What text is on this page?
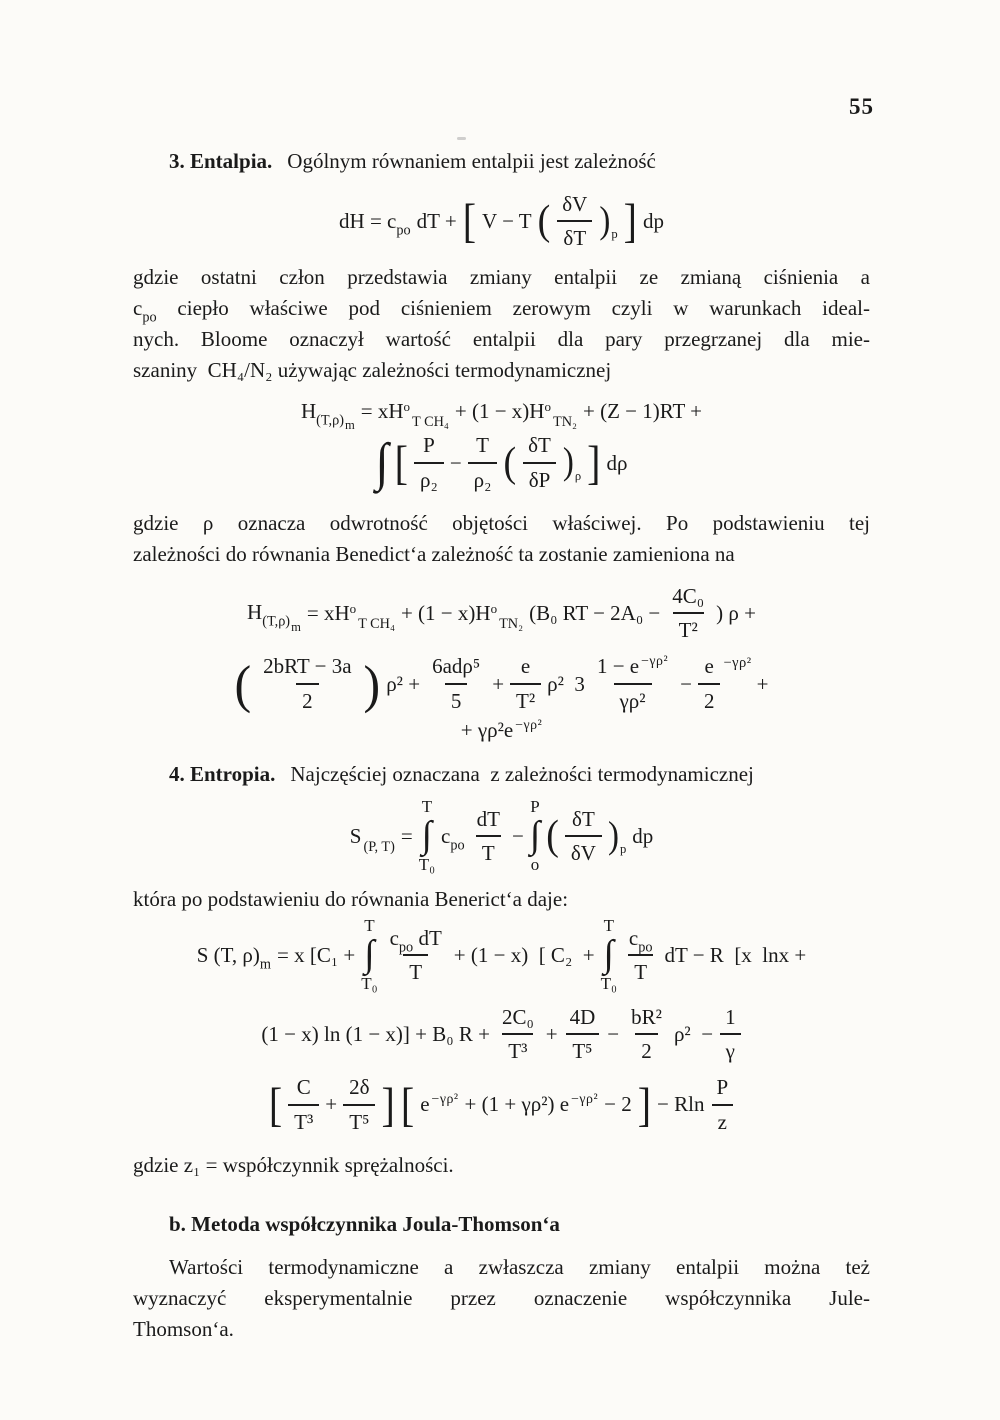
55

3. Entalpia. Ogólnym równaniem entalpii jest zależność

dH = $c_{po}$ dT + [ V − T ( $\frac{\delta V}{\delta T} )_p$ ] dp
gdzie ostatni człon przedstawia zmiany entalpii ze zmianą ciśnienia a
$c_{po}$ ciepło właściwe pod ciśnieniem zerowym czyli w warunkach ideal-
nych. Bloome oznaczył wartość entalpii dla pary przegrzanej dla mie-
szaniny  CH₄/N₂ używając zależności termodynamicznej
$H_{(T,\rho)m}$
= $xH^o_{T CH_4} + (1 - x)H^o_{TN_2} + (Z - 1)RT$ +
∫ [ $\frac{P}{\text{ρ₂}} - \frac{T}{\text{ρ₂}}$ ( $\frac{\delta T}{\delta P} )_\rho$ ] dρ
gdzie ρ oznacza odwrotność objętości właściwej. Po podstawieniu tej
zależności do równania Benedict‘a zależność ta zostanie zamieniona na
$H_{(T,\rho)m}$
= $xH^o_{T CH_4} + (1 - x)H^o_{TN_2}$ (B₀ RT − $2A_0 - \frac{\text{4C₀}}{\text{T²}}$ ) ρ +
( $\frac{\text{2bRT − 3a}}{2}$ ) $\rho^2 + \frac{\text{6adρ⁵}}{5} + \frac{e}{\text{T²}} \rho^2$  $3 \frac{1 - e ^{-\gamma\rho^2}}{\text{γρ²}} - \frac{e}{2} -\gamma\rho^2$
+
+ γρ²e $^{-\gamma\rho^2}$

4. Entropia. Najczęściej oznaczana  z zależności termodynamicznej

S $_{(P, T)}$ =
T
∫
T₀
$c_{po} \frac{dT}{T}$ −
P
∫
o
( $\frac{\delta T}{\delta V} )_p$
dp
która po podstawieniu do równania Benerict‘a daje:
S (T, $\rho)_m = x$ [C₁ +
T
∫
$T_0 \frac{c_{po} dT}{T} + (1 - x)$  [ C₂  +
T
∫
$T_0 \frac{c_{po}}{T}$ dT − R  [x  lnx +
(1 − x) ln (1 − x)] + B₀ $R + \frac{\text{2C₀}}{\text{T³}} + \frac{4D}{\text{T⁵}} - \frac{\text{bR²}}{2} \rho^2 - \frac{1}{\gamma}$
[ $\frac{C}{\text{T³}} + \frac{2\delta}{\text{T⁵}}$ ] [ e $^{-\gamma\rho^2}$ + (1 + γρ²) e $^{-\gamma\rho^2}$ − 2 ] − Rln $\frac{P}{z}$
gdzie z₁ = współczynnik sprężalności.

b. Metoda współczynnika Joula-Thomson‘a

Wartości termodynamiczne a zwłaszcza zmiany entalpii można też
wyznaczyć eksperymentalnie przez oznaczenie współczynnika Jule-
Thomson‘a.
